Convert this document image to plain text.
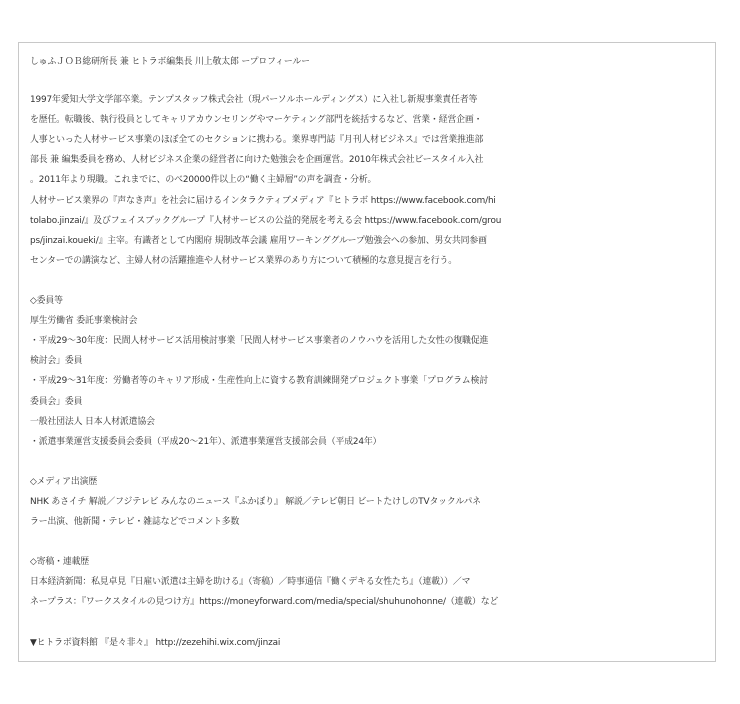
しゅふＪＯＢ総研所長 兼 ヒトラボ編集長 川上敬太郎 ープロフィールー
1997年愛知大学文学部卒業。テンプスタッフ株式会社（現パーソルホールディングス）に入社し新規事業責任者等
を歴任。転職後、執行役員としてキャリアカウンセリングやマーケティング部門を統括するなど、営業・経営企画・
人事といった人材サービス事業のほぼ全てのセクションに携わる。業界専門誌『月刊人材ビジネス』では営業推進部
部長 兼 編集委員を務め、人材ビジネス企業の経営者に向けた勉強会を企画運営。2010年株式会社ビースタイル入社
。2011年より現職。これまでに、のべ20000件以上の“働く主婦層”の声を調査・分析。
人材サービス業界の『声なき声』を社会に届けるインタラクティブメディア『ヒトラボ https://www.facebook.com/hi
tolabo.jinzai/』及びフェイスブックグループ『人材サービスの公益的発展を考える会 https://www.facebook.com/grou
ps/jinzai.koueki/』主宰。有識者として内閣府 規制改革会議 雇用ワーキンググループ勉強会への参加、男女共同参画
センターでの講演など、主婦人材の活躍推進や人材サービス業界のあり方について積極的な意見提言を行う。
◇委員等
厚生労働省 委託事業検討会
・平成29～30年度：民間人材サービス活用検討事業「民間人材サービス事業者のノウハウを活用した女性の復職促進
検討会」委員
・平成29～31年度：労働者等のキャリア形成・生産性向上に資する教育訓練開発プロジェクト事業「プログラム検討
委員会」委員
一般社団法人 日本人材派遣協会
・派遣事業運営支援委員会委員（平成20～21年）、派遣事業運営支援部会員（平成24年）
◇メディア出演歴
NHK あさイチ 解説／フジテレビ みんなのニュース『ふかぼり』 解説／テレビ朝日 ビートたけしのTVタックルパネ
ラー出演、他新聞・テレビ・雑誌などでコメント多数
◇寄稿・連載歴
日本経済新聞：私見卓見『日雇い派遣は主婦を助ける』（寄稿）／時事通信『働くデキる女性たち』（連載））／マ
ネープラス：『ワークスタイルの見つけ方』https://moneyforward.com/media/special/shuhunohonne/（連載）など
▼ヒトラボ資料館 『是々非々』 http://zezehihi.wix.com/jinzai
